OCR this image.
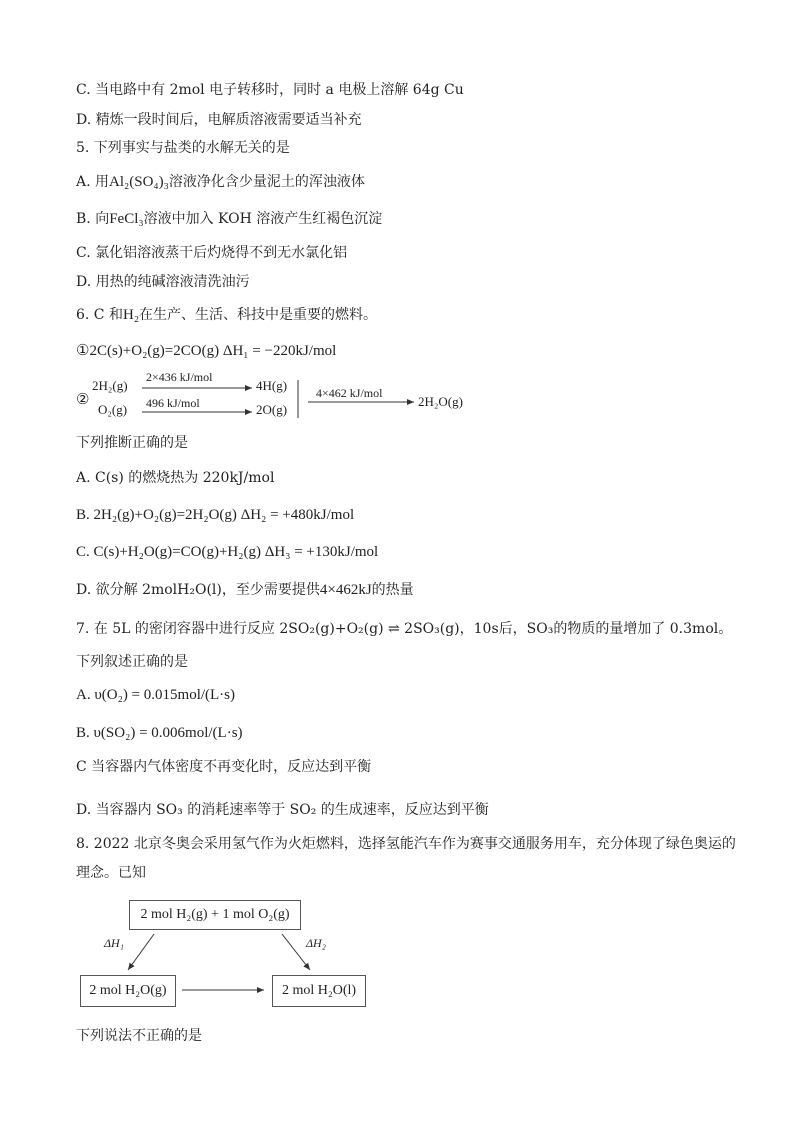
C. 当电路中有 2mol 电子转移时，同时 a 电极上溶解 64g Cu
D. 精炼一段时间后，电解质溶液需要适当补充
5. 下列事实与盐类的水解无关的是
A. 用Al₂(SO₄)₃溶液净化含少量泥土的浑浊液体
B. 向FeCl₃溶液中加入 KOH 溶液产生红褐色沉淀
C. 氯化铝溶液蒸干后灼烧得不到无水氯化铝
D. 用热的纯碱溶液清洗油污
6. C 和H₂在生产、生活、科技中是重要的燃料。
①2C(s)+O₂(g)=2CO(g) ΔH₁ = −220kJ/mol
②
2H₂(g)
O₂(g)
2×436 kJ/mol
496 kJ/mol
4H(g)
2O(g)
4×462 kJ/mol
2H₂O(g)
下列推断正确的是
A. C(s) 的燃烧热为 220kJ/mol
B. 2H₂(g)+O₂(g)=2H₂O(g) ΔH₂ = +480kJ/mol
C. C(s)+H₂O(g)=CO(g)+H₂(g) ΔH₃ = +130kJ/mol
D. 欲分解 2molH₂O(l)，至少需要提供4×462kJ的热量
7. 在 5L 的密闭容器中进行反应 2SO₂(g)+O₂(g) ⇌ 2SO₃(g)，10s后，SO₃的物质的量增加了 0.3mol。
下列叙述正确的是
A. υ(O₂) = 0.015mol/(L·s)
B. υ(SO₂) = 0.006mol/(L·s)
C 当容器内气体密度不再变化时，反应达到平衡
D. 当容器内 SO₃ 的消耗速率等于 SO₂ 的生成速率，反应达到平衡
8. 2022 北京冬奥会采用氢气作为火炬燃料，选择氢能汽车作为赛事交通服务用车，充分体现了绿色奥运的
理念。已知
2 mol H₂(g) + 1 mol O₂(g)
2 mol H₂O(g)	2 mol H₂O(l)
ΔH₁	ΔH₂
下列说法不正确的是
